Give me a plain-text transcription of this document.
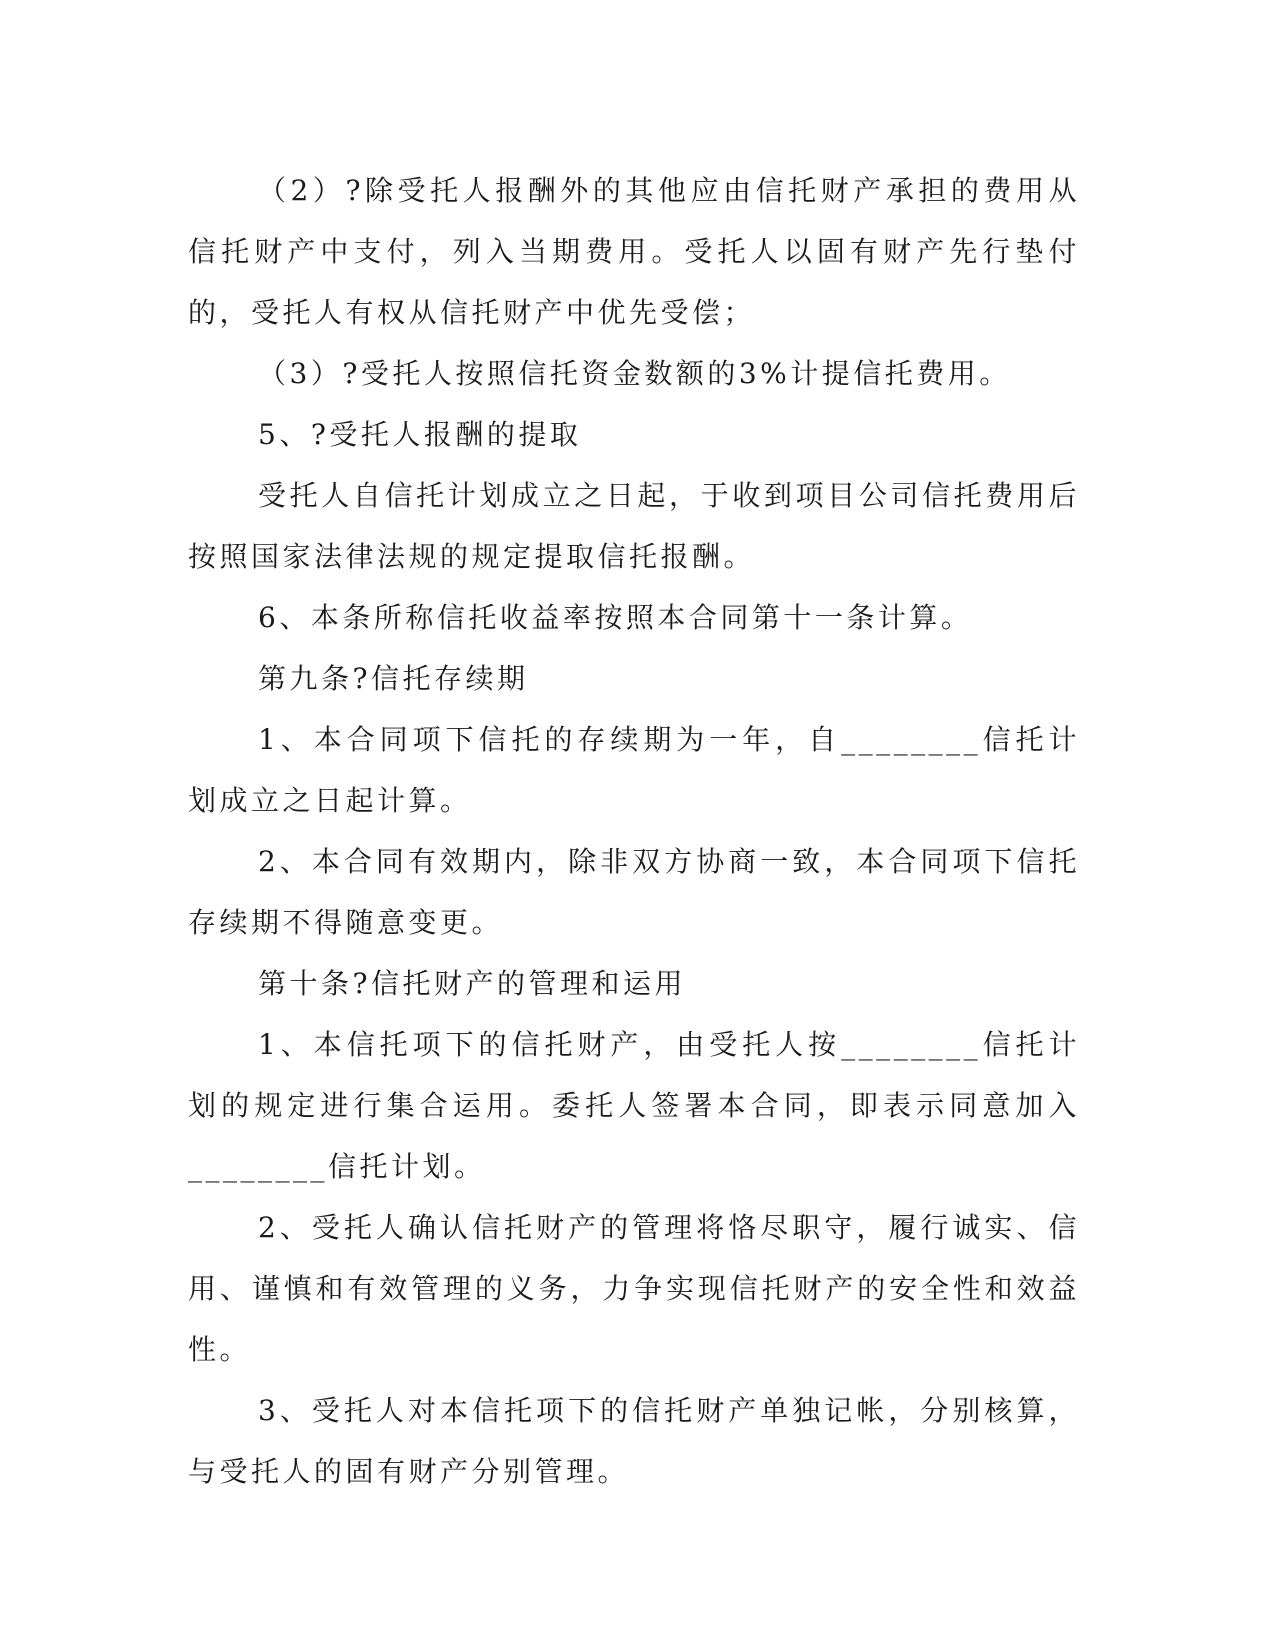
（2）?除受托人报酬外的其他应由信托财产承担的费用从信托财产中支付，列入当期费用。受托人以固有财产先行垫付的，受托人有权从信托财产中优先受偿；

（3）?受托人按照信托资金数额的3%计提信托费用。

5、?受托人报酬的提取

受托人自信托计划成立之日起，于收到项目公司信托费用后按照国家法律法规的规定提取信托报酬。

6、本条所称信托收益率按照本合同第十一条计算。

第九条?信托存续期

1、本合同项下信托的存续期为一年，自________信托计划成立之日起计算。

2、本合同有效期内，除非双方协商一致，本合同项下信托存续期不得随意变更。

第十条?信托财产的管理和运用

1、本信托项下的信托财产，由受托人按________信托计划的规定进行集合运用。委托人签署本合同，即表示同意加入________信托计划。

2、受托人确认信托财产的管理将恪尽职守，履行诚实、信用、谨慎和有效管理的义务，力争实现信托财产的安全性和效益性。

3、受托人对本信托项下的信托财产单独记帐，分别核算，与受托人的固有财产分别管理。
